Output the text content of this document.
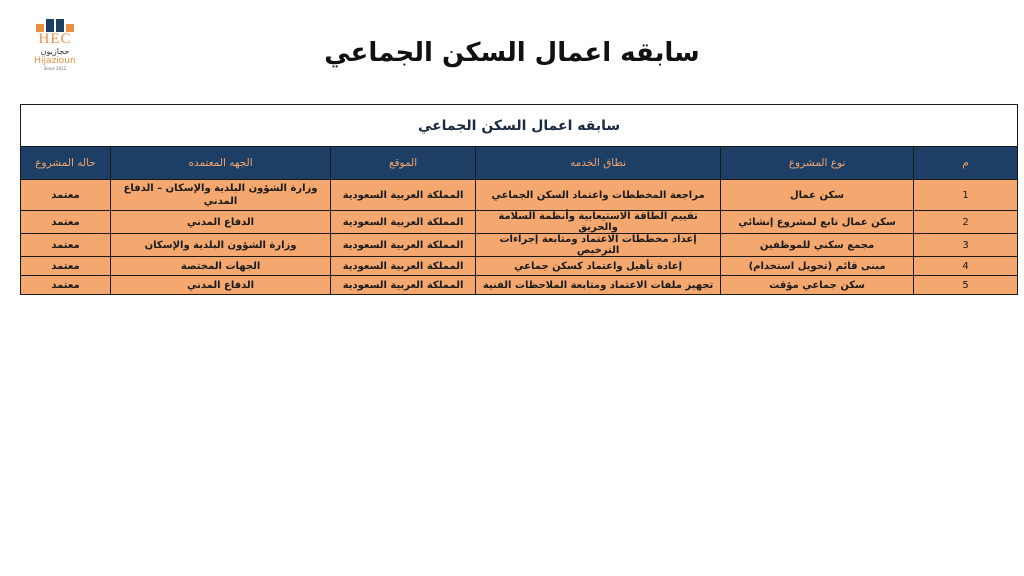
HEC
حجازيون
Hijazioun
Since 2012
سابقه اعمال السكن الجماعي
سابقه اعمال السكن الجماعي					
م	نوع المشروع	نطاق الخدمه	الموقع	الجهه المعتمده	حاله المشروع
1	سكن عمال	مراجعة المخططات واعتماد السكن الجماعي	المملكة العربية السعودية	وزارة الشؤون البلدية والإسكان – الدفاع المدني	معتمد
2	سكن عمال تابع لمشروع إنشائي	تقييم الطاقة الاستيعابية وأنظمة السلامة والحريق	المملكة العربية السعودية	الدفاع المدني	معتمد
3	مجمع سكني للموظفين	إعداد مخططات الاعتماد ومتابعة إجراءات الترخيص	المملكة العربية السعودية	وزارة الشؤون البلدية والإسكان	معتمد
4	مبنى قائم (تحويل استخدام)	إعادة تأهيل واعتماد كسكن جماعي	المملكة العربية السعودية	الجهات المختصة	معتمد
5	سكن جماعي مؤقت	تجهيز ملفات الاعتماد ومتابعة الملاحظات الفنية	المملكة العربية السعودية	الدفاع المدني	معتمد
